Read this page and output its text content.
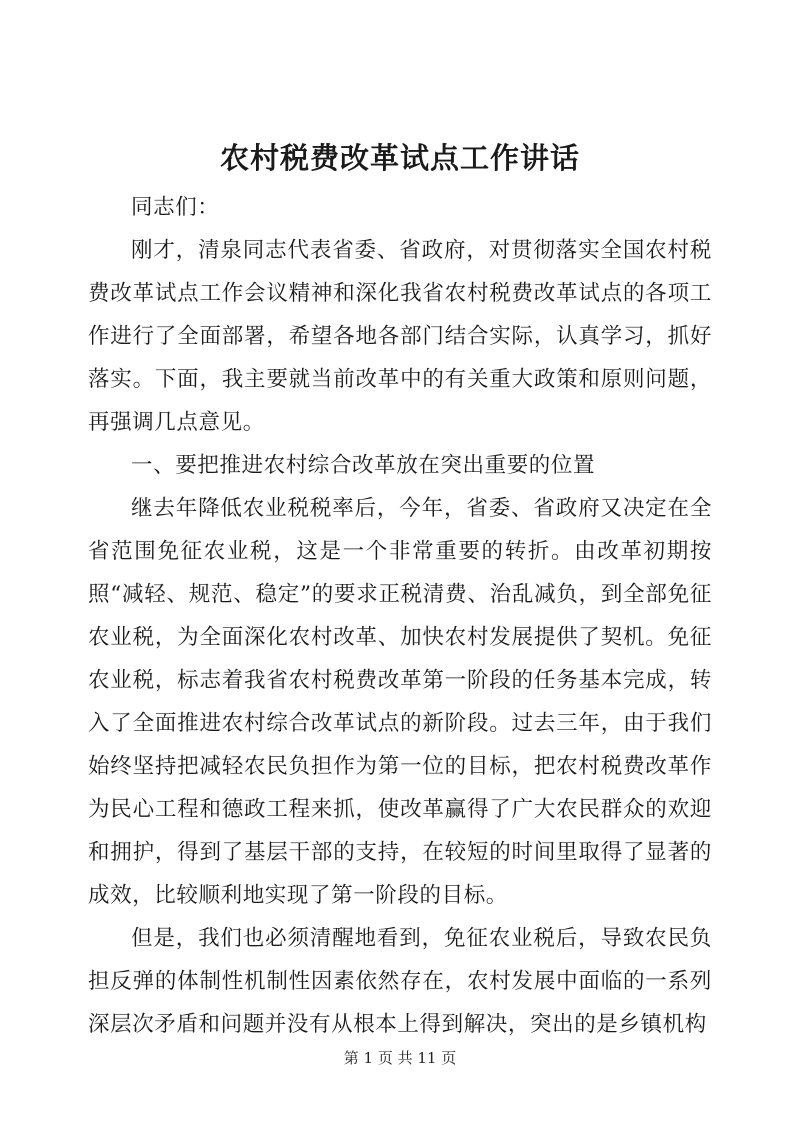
农村税费改革试点工作讲话

同志们：

刚才，清泉同志代表省委、省政府，对贯彻落实全国农村税费改革试点工作会议精神和深化我省农村税费改革试点的各项工作进行了全面部署，希望各地各部门结合实际，认真学习，抓好落实。下面，我主要就当前改革中的有关重大政策和原则问题，再强调几点意见。

一、要把推进农村综合改革放在突出重要的位置

继去年降低农业税税率后，今年，省委、省政府又决定在全省范围免征农业税，这是一个非常重要的转折。由改革初期按照“减轻、规范、稳定”的要求正税清费、治乱减负，到全部免征农业税，为全面深化农村改革、加快农村发展提供了契机。免征农业税，标志着我省农村税费改革第一阶段的任务基本完成，转入了全面推进农村综合改革试点的新阶段。过去三年，由于我们始终坚持把减轻农民负担作为第一位的目标，把农村税费改革作为民心工程和德政工程来抓，使改革赢得了广大农民群众的欢迎和拥护，得到了基层干部的支持，在较短的时间里取得了显著的成效，比较顺利地实现了第一阶段的目标。

但是，我们也必须清醒地看到，免征农业税后，导致农民负担反弹的体制性机制性因素依然存在，农村发展中面临的一系列深层次矛盾和问题并没有从根本上得到解决，突出的是乡镇机构

第 1 页 共 11 页
